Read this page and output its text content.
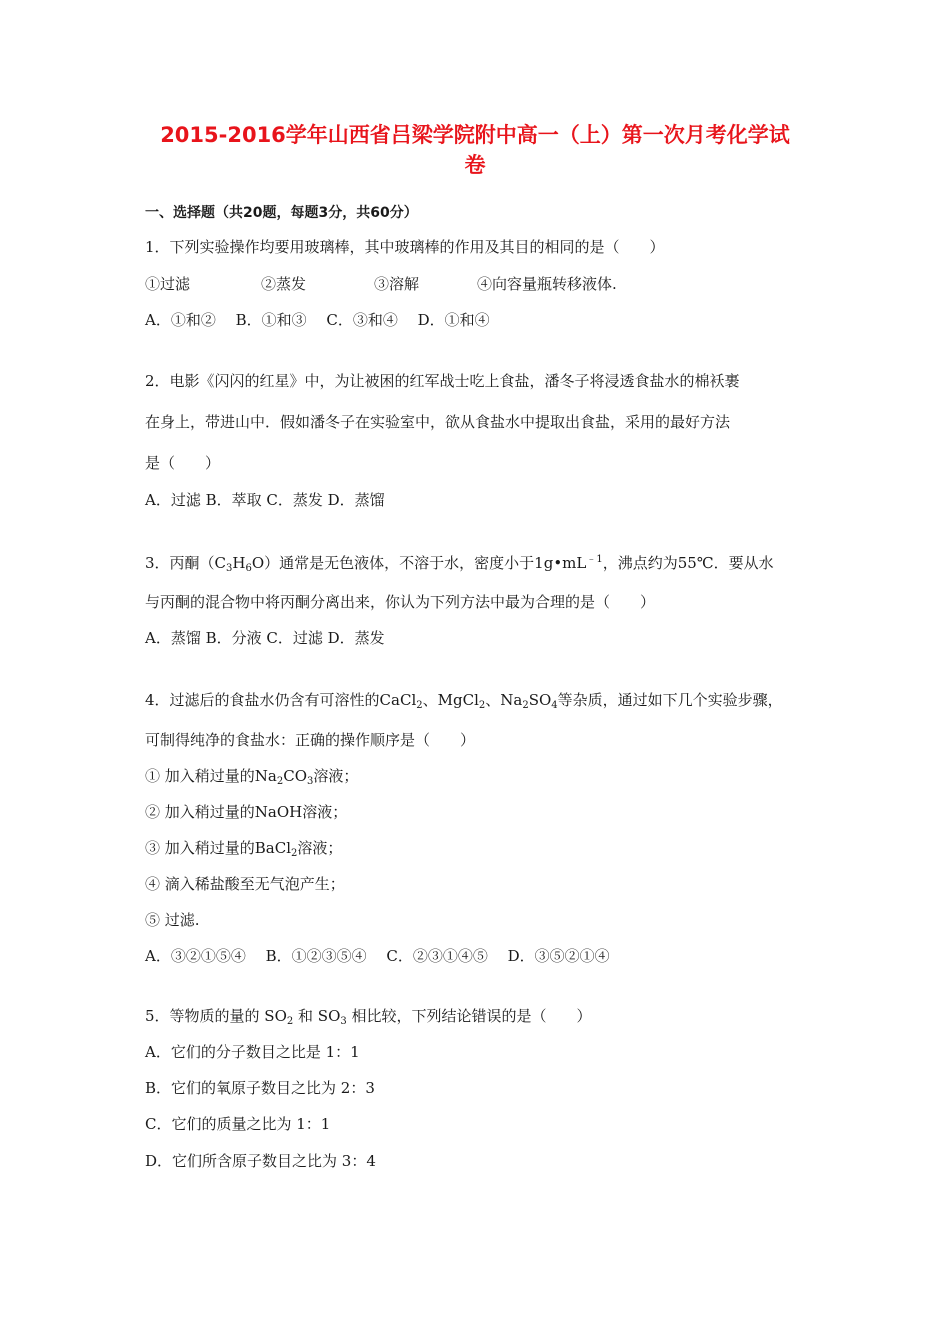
2015-2016学年山西省吕梁学院附中高一（上）第一次月考化学试
卷
一、选择题（共20题，每题3分，共60分）
1．下列实验操作均要用玻璃棒，其中玻璃棒的作用及其目的相同的是（　　）
①过滤	②蒸发	③溶解	④向容量瓶转移液体.
A．①和②　 B．①和③　 C．③和④　 D．①和④
2．电影《闪闪的红星》中，为让被困的红军战士吃上食盐，潘冬子将浸透食盐水的棉袄裹
在身上，带进山中．假如潘冬子在实验室中，欲从食盐水中提取出食盐，采用的最好方法
是（　　）
A．过滤 B．萃取 C．蒸发 D．蒸馏
3．丙酮$(C_3H_6O)$通常是无色液体，不溶于水，密度小于$1g•mL^{﹣1}$，沸点约为55℃．要从水
与丙酮的混合物中将丙酮分离出来，你认为下列方法中最为合理的是（　　）
A．蒸馏 B．分液 C．过滤 D．蒸发
4．过滤后的食盐水仍含有可溶性的CaCl$_2$、MgCl$_2$、$Na_2SO_4$等杂质，通过如下几个实验步骤，
可制得纯净的食盐水：正确的操作顺序是（　　）
① 加入稍过量的$Na_2CO_3$溶液；
② 加入稍过量的NaOH溶液；
③ 加入稍过量的BaCl$_2$溶液；
④ 滴入稀盐酸至无气泡产生；
⑤ 过滤.
A．③②①⑤④　 B．①②③⑤④　 C．②③①④⑤　 D．③⑤②①④
5．等物质的量的 $SO_2$ 和 $SO_3$ 相比较，下列结论错误的是（　　）
A．它们的分子数目之比是 1：1
B．它们的氧原子数目之比为 2：3
C．它们的质量之比为 1：1
D．它们所含原子数目之比为 3：4
